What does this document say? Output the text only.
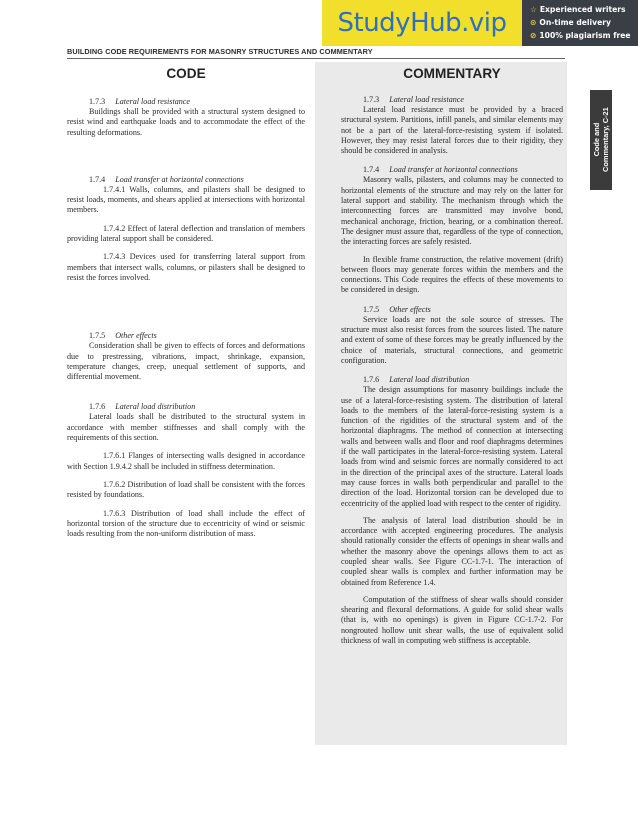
StudyHub.vip	☆ Experienced writers
⊙ On-time delivery
⊘ 100% plagiarism free
BUILDING CODE REQUIREMENTS FOR MASONRY STRUCTURES AND COMMENTARY
Code and Commentary, C-21
CODE
1.7.3 Lateral load resistance
Buildings shall be provided with a structural system designed to resist wind and earthquake loads and to accommodate the effect of the resulting deformations.
1.7.4 Load transfer at horizontal connections
1.7.4.1 Walls, columns, and pilasters shall be designed to resist loads, moments, and shears applied at intersections with horizontal members.
1.7.4.2 Effect of lateral deflection and translation of members providing lateral support shall be considered.
1.7.4.3 Devices used for transferring lateral support from members that intersect walls, columns, or pilasters shall be designed to resist the forces involved.
1.7.5 Other effects
Consideration shall be given to effects of forces and deformations due to prestressing, vibrations, impact, shrinkage, expansion, temperature changes, creep, unequal settlement of supports, and differential movement.
1.7.6 Lateral load distribution
Lateral loads shall be distributed to the structural system in accordance with member stiffnesses and shall comply with the requirements of this section.
1.7.6.1 Flanges of intersecting walls designed in accordance with Section 1.9.4.2 shall be included in stiffness determination.
1.7.6.2 Distribution of load shall be consistent with the forces resisted by foundations.
1.7.6.3 Distribution of load shall include the effect of horizontal torsion of the structure due to eccentricity of wind or seismic loads resulting from the non-uniform distribution of mass.
COMMENTARY
1.7.3 Lateral load resistance
Lateral load resistance must be provided by a braced structural system. Partitions, infill panels, and similar elements may not be a part of the lateral-force-resisting system if isolated. However, they may resist lateral forces due to their rigidity, they should be considered in analysis.
1.7.4 Load transfer at horizontal connections
Masonry walls, pilasters, and columns may be connected to horizontal elements of the structure and may rely on the latter for lateral support and stability. The mechanism through which the interconnecting forces are transmitted may involve bond, mechanical anchorage, friction, bearing, or a combination thereof. The designer must assure that, regardless of the type of connection, the interacting forces are safely resisted.
In flexible frame construction, the relative movement (drift) between floors may generate forces within the members and the connections. This Code requires the effects of these movements to be considered in design.
1.7.5 Other effects
Service loads are not the sole source of stresses. The structure must also resist forces from the sources listed. The nature and extent of some of these forces may be greatly influenced by the choice of materials, structural connections, and geometric configuration.
1.7.6 Lateral load distribution
The design assumptions for masonry buildings include the use of a lateral-force-resisting system. The distribution of lateral loads to the members of the lateral-force-resisting system is a function of the rigidities of the structural system and of the horizontal diaphragms. The method of connection at intersecting walls and between walls and floor and roof diaphragms determines if the wall participates in the lateral-force-resisting system. Lateral loads from wind and seismic forces are normally considered to act in the direction of the principal axes of the structure. Lateral loads may cause forces in walls both perpendicular and parallel to the direction of the load. Horizontal torsion can be developed due to eccentricity of the applied load with respect to the center of rigidity.
The analysis of lateral load distribution should be in accordance with accepted engineering procedures. The analysis should rationally consider the effects of openings in shear walls and whether the masonry above the openings allows them to act as coupled shear walls. See Figure CC-1.7-1. The interaction of coupled shear walls is complex and further information may be obtained from Reference 1.4.
Computation of the stiffness of shear walls should consider shearing and flexural deformations. A guide for solid shear walls (that is, with no openings) is given in Figure CC-1.7-2. For nongrouted hollow unit shear walls, the use of equivalent solid thickness of wall in computing web stiffness is acceptable.
